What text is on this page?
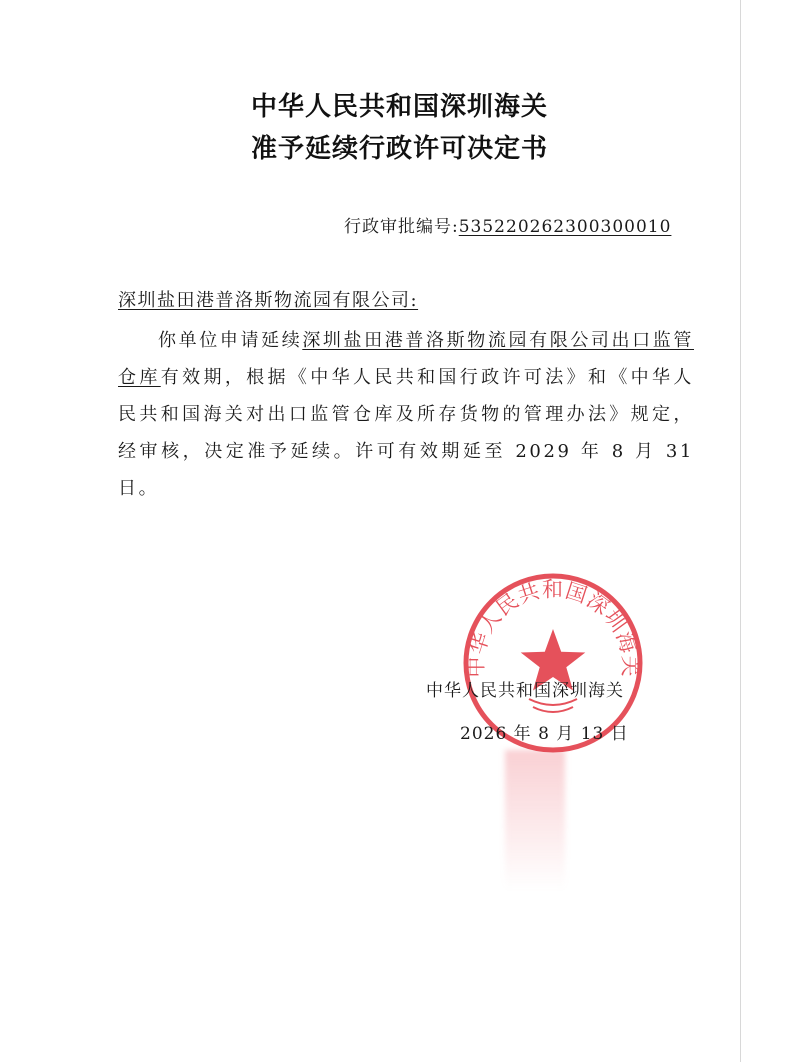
中华人民共和国深圳海关
准予延续行政许可决定书
行政审批编号:535220262300300010
深圳盐田港普洛斯物流园有限公司:
你单位申请延续深圳盐田港普洛斯物流园有限公司出口监管仓库有效期，根据《中华人民共和国行政许可法》和《中华人民共和国海关对出口监管仓库及所存货物的管理办法》规定，经审核，决定准予延续。许可有效期延至 2029 年 8 月 31 日。
中华人民共和国深圳海关
中华人民共和国深圳海关
2026 年 8 月 13 日
